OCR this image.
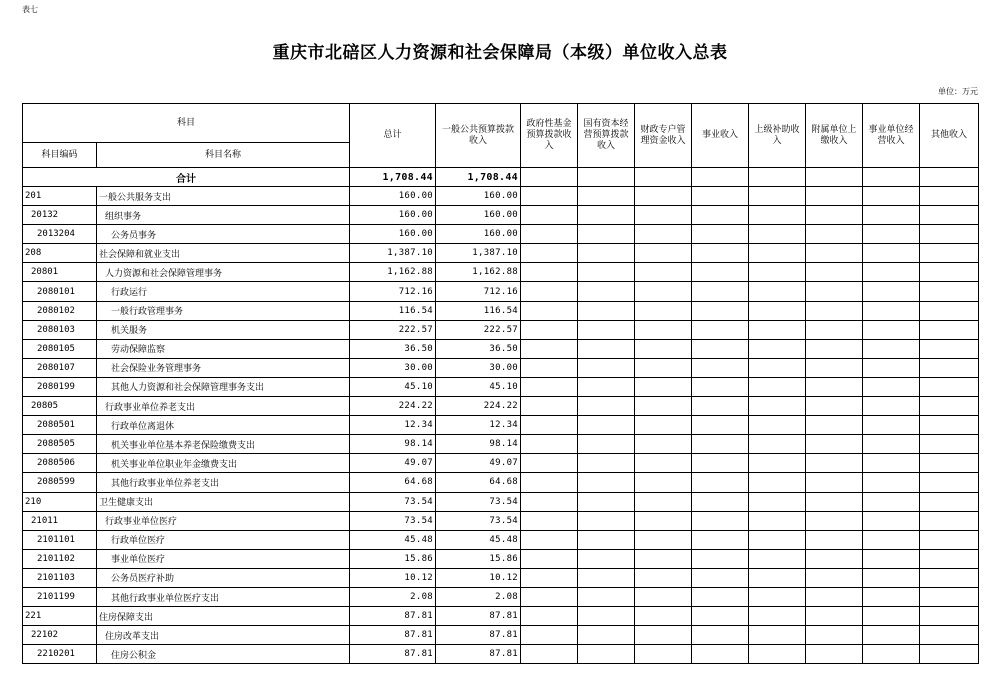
表七
重庆市北碚区人力资源和社会保障局（本级）单位收入总表
单位：万元
科目		总计	一般公共预算拨款收入	政府性基金预算拨款收入	国有资本经营预算拨款收入	财政专户管理资金收入	事业收入	上级补助收入	附属单位上缴收入	事业单位经营收入	其他收入
科目编码	科目名称										
合计		1,708.44	1,708.44								
201	一般公共服务支出	160.00	160.00								
20132	组织事务	160.00	160.00								
2013204	公务员事务	160.00	160.00								
208	社会保障和就业支出	1,387.10	1,387.10								
20801	人力资源和社会保障管理事务	1,162.88	1,162.88								
2080101	行政运行	712.16	712.16								
2080102	一般行政管理事务	116.54	116.54								
2080103	机关服务	222.57	222.57								
2080105	劳动保障监察	36.50	36.50								
2080107	社会保险业务管理事务	30.00	30.00								
2080199	其他人力资源和社会保障管理事务支出	45.10	45.10								
20805	行政事业单位养老支出	224.22	224.22								
2080501	行政单位离退休	12.34	12.34								
2080505	机关事业单位基本养老保险缴费支出	98.14	98.14								
2080506	机关事业单位职业年金缴费支出	49.07	49.07								
2080599	其他行政事业单位养老支出	64.68	64.68								
210	卫生健康支出	73.54	73.54								
21011	行政事业单位医疗	73.54	73.54								
2101101	行政单位医疗	45.48	45.48								
2101102	事业单位医疗	15.86	15.86								
2101103	公务员医疗补助	10.12	10.12								
2101199	其他行政事业单位医疗支出	2.08	2.08								
221	住房保障支出	87.81	87.81								
22102	住房改革支出	87.81	87.81								
2210201	住房公积金	87.81	87.81								
